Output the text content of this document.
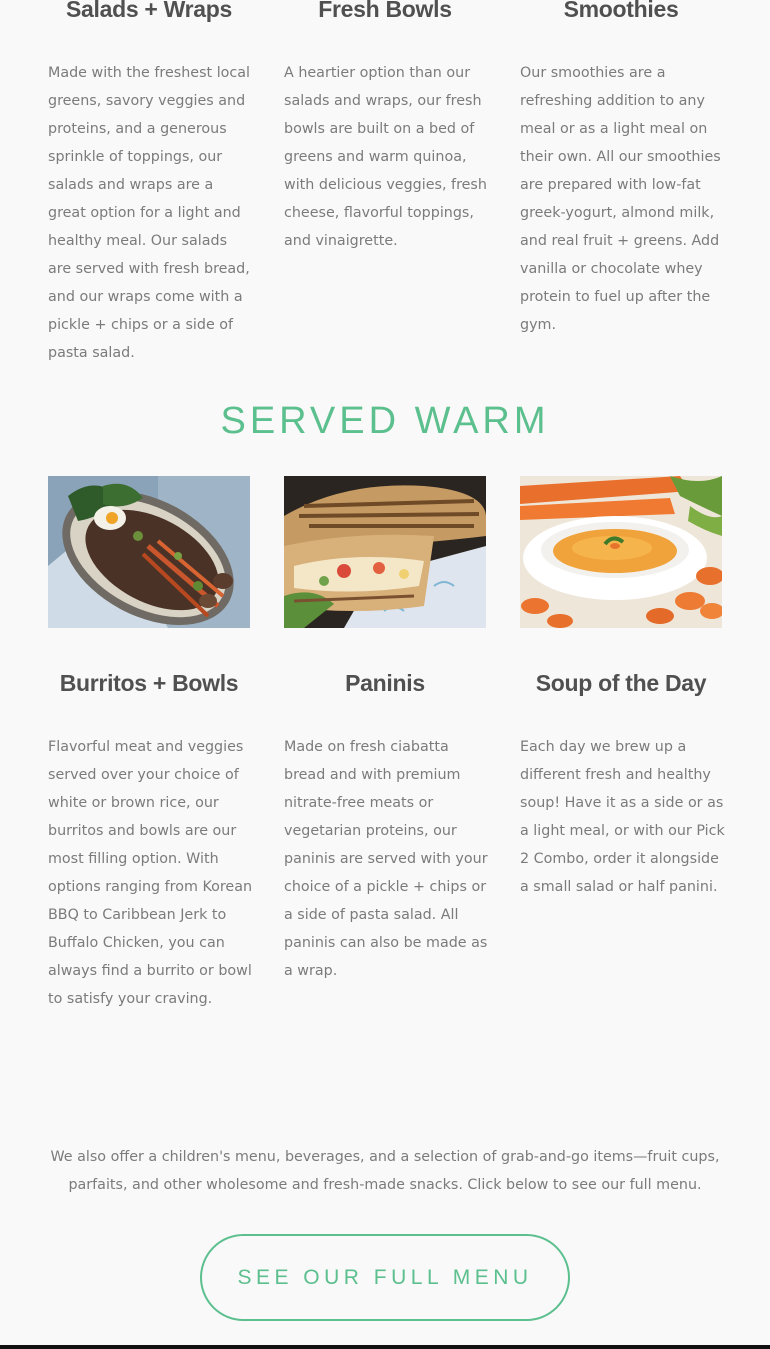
Salads + Wraps

Made with the freshest local greens, savory veggies and proteins, and a generous sprinkle of toppings, our salads and wraps are a great option for a light and healthy meal. Our salads are served with fresh bread, and our wraps come with a pickle + chips or a side of pasta salad.

Fresh Bowls

A heartier option than our salads and wraps, our fresh bowls are built on a bed of greens and warm quinoa, with delicious veggies, fresh cheese, flavorful toppings, and vinaigrette.

Smoothies

Our smoothies are a refreshing addition to any meal or as a light meal on their own. All our smoothies are prepared with low-fat greek-yogurt, almond milk, and real fruit + greens. Add vanilla or chocolate whey protein to fuel up after the gym.

SERVED WARM
Burritos + Bowls

Flavorful meat and veggies served over your choice of white or brown rice, our burritos and bowls are our most filling option. With options ranging from Korean BBQ to Caribbean Jerk to Buffalo Chicken, you can always find a burrito or bowl to satisfy your craving.

Paninis

Made on fresh ciabatta bread and with premium nitrate-free meats or vegetarian proteins, our paninis are served with your choice of a pickle + chips or a side of pasta salad. All paninis can also be made as a wrap.

Soup of the Day

Each day we brew up a different fresh and healthy soup! Have it as a side or as a light meal, or with our Pick 2 Combo, order it alongside a small salad or half panini.

We also offer a children's menu, beverages, and a selection of grab-and-go items—fruit cups, parfaits, and other wholesome and fresh-made snacks. Click below to see our full menu.

SEE OUR FULL MENU
